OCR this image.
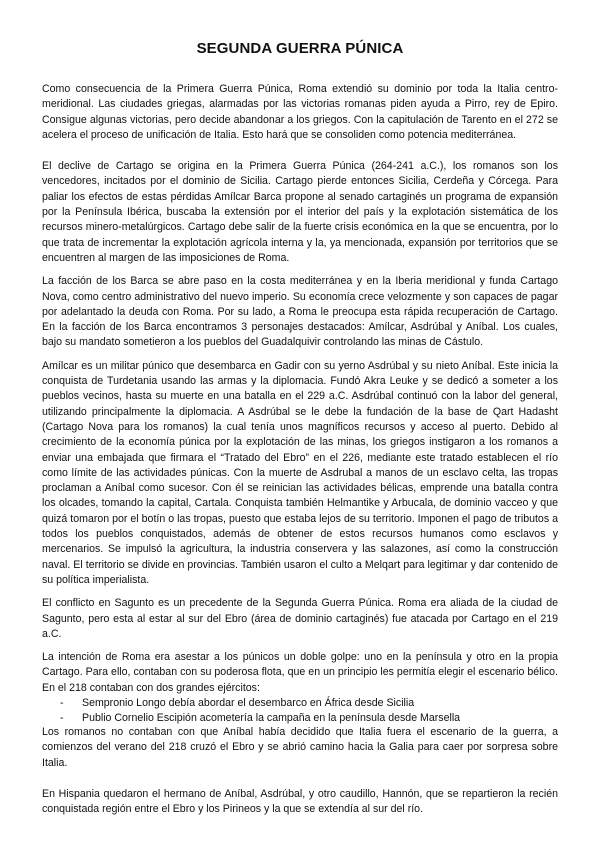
SEGUNDA GUERRA PÚNICA

Como consecuencia de la Primera Guerra Púnica, Roma extendió su dominio por toda la Italia centro-meridional. Las ciudades griegas, alarmadas por las victorias romanas piden ayuda a Pirro, rey de Epiro. Consigue algunas victorias, pero decide abandonar a los griegos. Con la capitulación de Tarento en el 272 se acelera el proceso de unificación de Italia. Esto hará que se consoliden como potencia mediterránea.

El declive de Cartago se origina en la Primera Guerra Púnica (264-241 a.C.), los romanos son los vencedores, incitados por el dominio de Sicilia. Cartago pierde entonces Sicilia, Cerdeña y Córcega. Para paliar los efectos de estas pérdidas Amílcar Barca propone al senado cartaginés un programa de expansión por la Península Ibérica, buscaba la extensión por el interior del país y la explotación sistemática de los recursos minero-metalúrgicos. Cartago debe salir de la fuerte crisis económica en la que se encuentra, por lo que trata de incrementar la explotación agrícola interna y la, ya mencionada, expansión por territorios que se encuentren al margen de las imposiciones de Roma.

La facción de los Barca se abre paso en la costa mediterránea y en la Iberia meridional y funda Cartago Nova, como centro administrativo del nuevo imperio. Su economía crece velozmente y son capaces de pagar por adelantado la deuda con Roma. Por su lado, a Roma le preocupa esta rápida recuperación de Cartago. En la facción de los Barca encontramos 3 personajes destacados: Amílcar, Asdrúbal y Aníbal. Los cuales, bajo su mandato sometieron a los pueblos del Guadalquivir controlando las minas de Cástulo.

Amílcar es un militar púnico que desembarca en Gadir con su yerno Asdrúbal y su nieto Aníbal. Este inicia la conquista de Turdetania usando las armas y la diplomacia. Fundó Akra Leuke y se dedicó a someter a los pueblos vecinos, hasta su muerte en una batalla en el 229 a.C. Asdrúbal continuó con la labor del general, utilizando principalmente la diplomacia. A Asdrúbal se le debe la fundación de la base de Qart Hadasht (Cartago Nova para los romanos) la cual tenía unos magníficos recursos y acceso al puerto. Debido al crecimiento de la economía púnica por la explotación de las minas, los griegos instigaron a los romanos a enviar una embajada que firmara el “Tratado del Ebro” en el 226, mediante este tratado establecen el río como límite de las actividades púnicas. Con la muerte de Asdrubal a manos de un esclavo celta, las tropas proclaman a Aníbal como sucesor. Con él se reinician las actividades bélicas, emprende una batalla contra los olcades, tomando la capital, Cartala. Conquista también Helmantike y Arbucala, de dominio vacceo y que quizá tomaron por el botín o las tropas, puesto que estaba lejos de su territorio. Imponen el pago de tributos a todos los pueblos conquistados, además de obtener de estos recursos humanos como esclavos y mercenarios. Se impulsó la agricultura, la industria conservera y las salazones, así como la construcción naval. El territorio se divide en provincias. También usaron el culto a Melqart para legitimar y dar contenido de su política imperialista.

El conflicto en Sagunto es un precedente de la Segunda Guerra Púnica. Roma era aliada de la ciudad de Sagunto, pero esta al estar al sur del Ebro (área de dominio cartaginés) fue atacada por Cartago en el 219 a.C.

La intención de Roma era asestar a los púnicos un doble golpe: uno en la península y otro en la propia Cartago. Para ello, contaban con su poderosa flota, que en un principio les permitía elegir el escenario bélico. En el 218 contaban con dos grandes ejércitos:

- Sempronio Longo debía abordar el desembarco en África desde Sicilia
- Publio Cornelio Escipión acometería la campaña en la península desde Marsella

Los romanos no contaban con que Aníbal había decidido que Italia fuera el escenario de la guerra, a comienzos del verano del 218 cruzó el Ebro y se abrió camino hacia la Galia para caer por sorpresa sobre Italia.

En Hispania quedaron el hermano de Aníbal, Asdrúbal, y otro caudillo, Hannón, que se repartieron la recién conquistada región entre el Ebro y los Pirineos y la que se extendía al sur del río.
